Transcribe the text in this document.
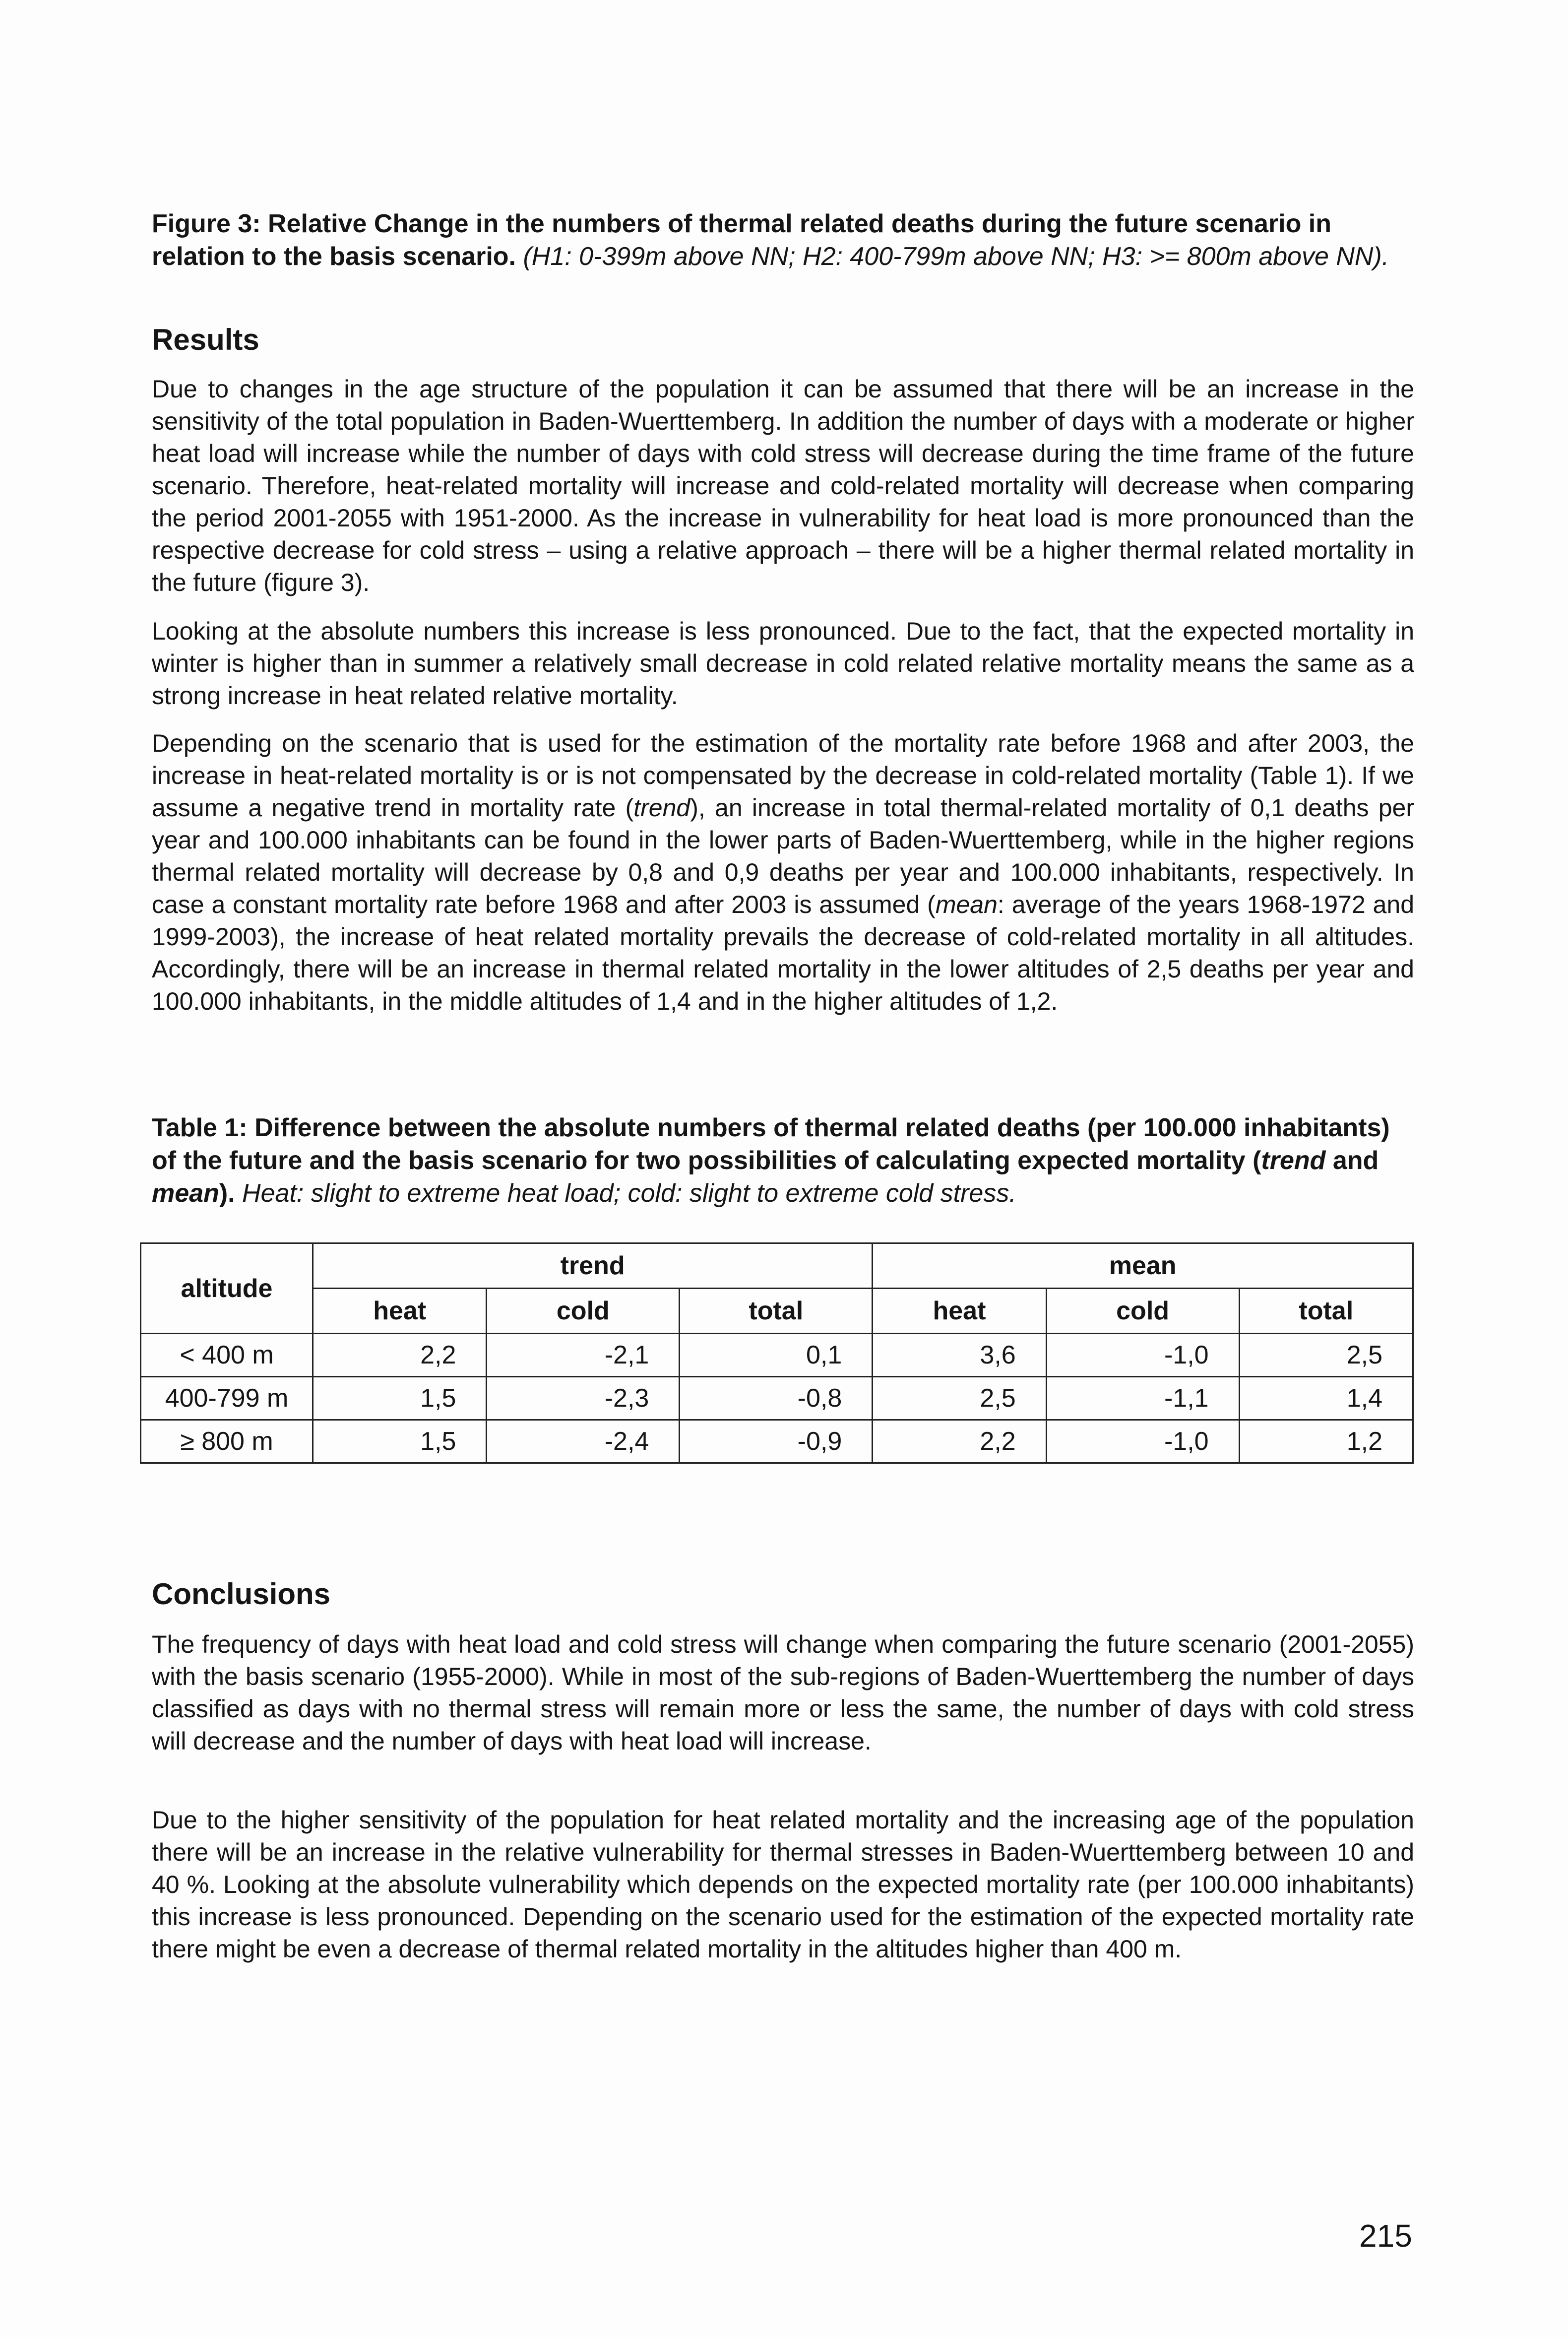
Figure 3: Relative Change in the numbers of thermal related deaths during the future scenario in relation to the basis scenario. (H1: 0-399m above NN; H2: 400-799m above NN; H3: >= 800m above NN).

Results

Due to changes in the age structure of the population it can be assumed that there will be an increase in the sensitivity of the total population in Baden-Wuerttemberg. In addition the number of days with a moderate or higher heat load will increase while the number of days with cold stress will decrease during the time frame of the future scenario. Therefore, heat-related mortality will increase and cold-related mortality will decrease when comparing the period 2001-2055 with 1951-2000. As the increase in vulnerability for heat load is more pronounced than the respective decrease for cold stress – using a relative approach – there will be a higher thermal related mortality in the future (figure 3).

Looking at the absolute numbers this increase is less pronounced. Due to the fact, that the expected mortality in winter is higher than in summer a relatively small decrease in cold related relative mortality means the same as a strong increase in heat related relative mortality.

Depending on the scenario that is used for the estimation of the mortality rate before 1968 and after 2003, the increase in heat-related mortality is or is not compensated by the decrease in cold-related mortality (Table 1). If we assume a negative trend in mortality rate (trend), an increase in total thermal-related mortality of 0,1 deaths per year and 100.000 inhabitants can be found in the lower parts of Baden-Wuerttemberg, while in the higher regions thermal related mortality will decrease by 0,8 and 0,9 deaths per year and 100.000 inhabitants, respectively. In case a constant mortality rate before 1968 and after 2003 is assumed (mean: average of the years 1968-1972 and 1999-2003), the increase of heat related mortality prevails the decrease of cold-related mortality in all altitudes. Accordingly, there will be an increase in thermal related mortality in the lower altitudes of 2,5 deaths per year and 100.000 inhabitants, in the middle altitudes of 1,4 and in the higher altitudes of 1,2.

Table 1: Difference between the absolute numbers of thermal related deaths (per 100.000 inhabitants) of the future and the basis scenario for two possibilities of calculating expected mortality (trend and mean). Heat: slight to extreme heat load; cold: slight to extreme cold stress.

altitude	trend			mean		
	heat	cold	total	heat	cold	total
< 400 m	2,2	-2,1	0,1	3,6	-1,0	2,5
400-799 m	1,5	-2,3	-0,8	2,5	-1,1	1,4
≥ 800 m	1,5	-2,4	-0,9	2,2	-1,0	1,2
Conclusions

The frequency of days with heat load and cold stress will change when comparing the future scenario (2001-2055) with the basis scenario (1955-2000). While in most of the sub-regions of Baden-Wuerttemberg the number of days classified as days with no thermal stress will remain more or less the same, the number of days with cold stress will decrease and the number of days with heat load will increase.

Due to the higher sensitivity of the population for heat related mortality and the increasing age of the population there will be an increase in the relative vulnerability for thermal stresses in Baden-Wuerttemberg between 10 and 40 %. Looking at the absolute vulnerability which depends on the expected mortality rate (per 100.000 inhabitants) this increase is less pronounced. Depending on the scenario used for the estimation of the expected mortality rate there might be even a decrease of thermal related mortality in the altitudes higher than 400 m.

215
